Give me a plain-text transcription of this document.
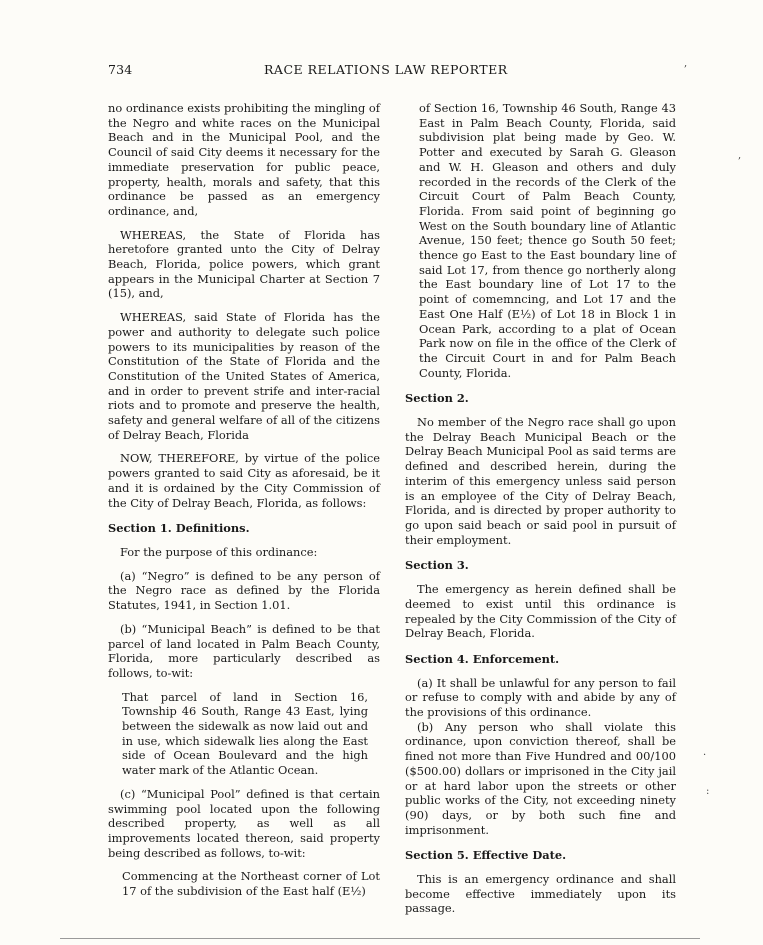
734	RACE RELATIONS LAW REPORTER

no ordinance exists prohibiting the mingling of the Negro and white races on the Municipal Beach and in the Municipal Pool, and the Council of said City deems it necessary for the immediate preservation for public peace, property, health, morals and safety, that this ordinance be passed as an emergency ordinance, and,

WHEREAS, the State of Florida has heretofore granted unto the City of Delray Beach, Florida, police powers, which grant appears in the Municipal Charter at Section 7 (15), and,

WHEREAS, said State of Florida has the power and authority to delegate such police powers to its municipalities by reason of the Constitution of the State of Florida and the Constitution of the United States of America, and in order to prevent strife and inter-racial riots and to promote and preserve the health, safety and general welfare of all of the citizens of Delray Beach, Florida

NOW, THEREFORE, by virtue of the police powers granted to said City as aforesaid, be it and it is ordained by the City Commission of the City of Delray Beach, Florida, as follows:

Section 1. Definitions.

For the purpose of this ordinance:

(a) “Negro” is defined to be any person of the Negro race as defined by the Florida Statutes, 1941, in Section 1.01.

(b) “Municipal Beach” is defined to be that parcel of land located in Palm Beach County, Florida, more particularly described as follows, to-wit:

That parcel of land in Section 16, Township 46 South, Range 43 East, lying between the sidewalk as now laid out and in use, which sidewalk lies along the East side of Ocean Boulevard and the high water mark of the Atlantic Ocean.

(c) “Municipal Pool” defined is that certain swimming pool located upon the following described property, as well as all improvements located thereon, said property being described as follows, to-wit:

Commencing at the Northeast corner of Lot 17 of the subdivision of the East half (E½)
of Section 16, Township 46 South, Range 43 East in Palm Beach County, Florida, said subdivision plat being made by Geo. W. Potter and executed by Sarah G. Gleason and W. H. Gleason and others and duly recorded in the records of the Clerk of the Circuit Court of Palm Beach County, Florida. From said point of beginning go West on the South boundary line of Atlantic Avenue, 150 feet; thence go South 50 feet; thence go East to the East boundary line of said Lot 17, from thence go northerly along the East boundary line of Lot 17 to the point of comemncing, and Lot 17 and the East One Half (E½) of Lot 18 in Block 1 in Ocean Park, according to a plat of Ocean Park now on file in the office of the Clerk of the Circuit Court in and for Palm Beach County, Florida.
Section 2.

No member of the Negro race shall go upon the Delray Beach Municipal Beach or the Delray Beach Municipal Pool as said terms are defined and described herein, during the interim of this emergency unless said person is an employee of the City of Delray Beach, Florida, and is directed by proper authority to go upon said beach or said pool in pursuit of their employment.

Section 3.

The emergency as herein defined shall be deemed to exist until this ordinance is repealed by the City Commission of the City of Delray Beach, Florida.

Section 4. Enforcement.

(a) It shall be unlawful for any person to fail or refuse to comply with and abide by any of the provisions of this ordinance.

(b) Any person who shall violate this ordinance, upon conviction thereof, shall be fined not more than Five Hundred and 00/100 ($500.00) dollars or imprisoned in the City jail or at hard labor upon the streets or other public works of the City, not exceeding ninety (90) days, or by both such fine and imprisonment.

Section 5. Effective Date.

This is an emergency ordinance and shall become effective immediately upon its passage.

,
,
·
:
